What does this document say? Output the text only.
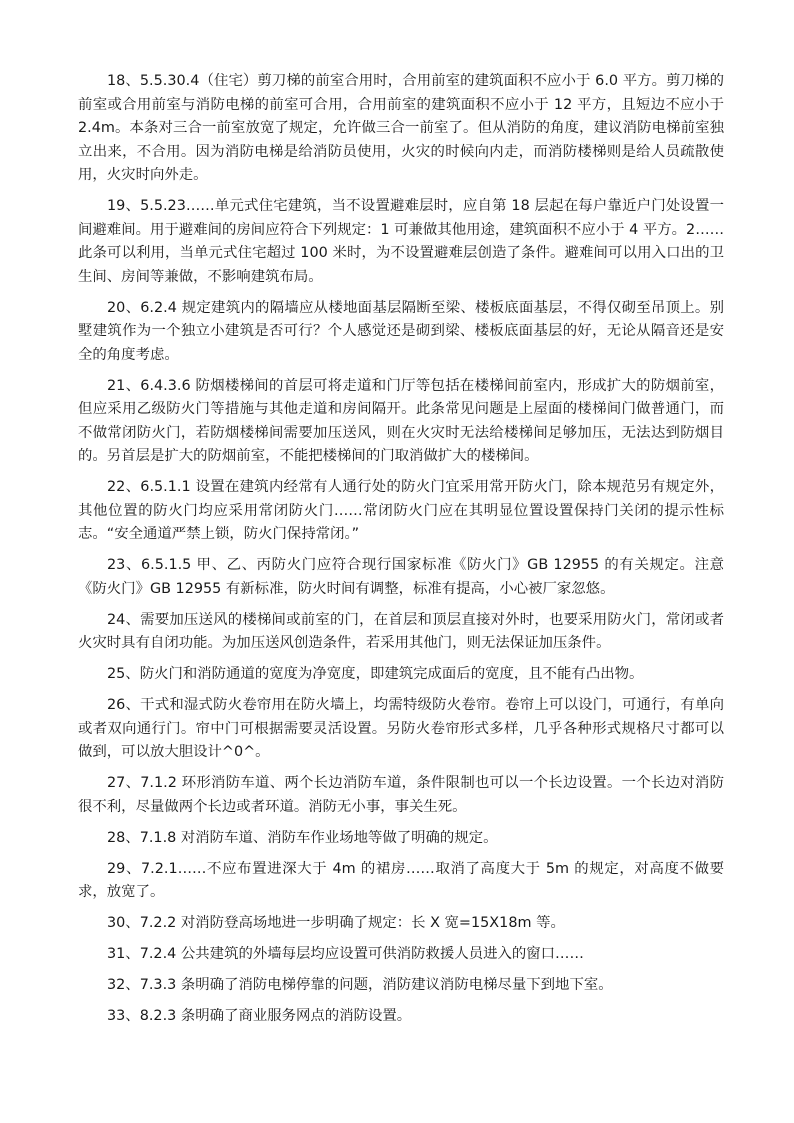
18、5.5.30.4（住宅）剪刀梯的前室合用时，合用前室的建筑面积不应小于 6.0 平方。剪刀梯的前室或合用前室与消防电梯的前室可合用，合用前室的建筑面积不应小于 12 平方，且短边不应小于 2.4m。本条对三合一前室放宽了规定，允许做三合一前室了。但从消防的角度，建议消防电梯前室独立出来，不合用。因为消防电梯是给消防员使用，火灾的时候向内走，而消防楼梯则是给人员疏散使用，火灾时向外走。

19、5.5.23……单元式住宅建筑，当不设置避难层时，应自第 18 层起在每户靠近户门处设置一间避难间。用于避难间的房间应符合下列规定：1 可兼做其他用途，建筑面积不应小于 4 平方。2……此条可以利用，当单元式住宅超过 100 米时，为不设置避难层创造了条件。避难间可以用入口出的卫生间、房间等兼做，不影响建筑布局。

20、6.2.4 规定建筑内的隔墙应从楼地面基层隔断至梁、楼板底面基层，不得仅砌至吊顶上。别墅建筑作为一个独立小建筑是否可行？个人感觉还是砌到梁、楼板底面基层的好，无论从隔音还是安全的角度考虑。

21、6.4.3.6 防烟楼梯间的首层可将走道和门厅等包括在楼梯间前室内，形成扩大的防烟前室，但应采用乙级防火门等措施与其他走道和房间隔开。此条常见问题是上屋面的楼梯间门做普通门，而不做常闭防火门，若防烟楼梯间需要加压送风，则在火灾时无法给楼梯间足够加压，无法达到防烟目的。另首层是扩大的防烟前室，不能把楼梯间的门取消做扩大的楼梯间。

22、6.5.1.1 设置在建筑内经常有人通行处的防火门宜采用常开防火门，除本规范另有规定外，其他位置的防火门均应采用常闭防火门……常闭防火门应在其明显位置设置保持门关闭的提示性标志。“安全通道严禁上锁，防火门保持常闭。”

23、6.5.1.5 甲、乙、丙防火门应符合现行国家标准《防火门》GB 12955 的有关规定。注意《防火门》GB 12955 有新标准，防火时间有调整，标准有提高，小心被厂家忽悠。

24、需要加压送风的楼梯间或前室的门，在首层和顶层直接对外时，也要采用防火门，常闭或者火灾时具有自闭功能。为加压送风创造条件，若采用其他门，则无法保证加压条件。

25、防火门和消防通道的宽度为净宽度，即建筑完成面后的宽度，且不能有凸出物。

26、干式和湿式防火卷帘用在防火墙上，均需特级防火卷帘。卷帘上可以设门，可通行，有单向或者双向通行门。帘中门可根据需要灵活设置。另防火卷帘形式多样，几乎各种形式规格尺寸都可以做到，可以放大胆设计^0^。

27、7.1.2 环形消防车道、两个长边消防车道，条件限制也可以一个长边设置。一个长边对消防很不利，尽量做两个长边或者环道。消防无小事，事关生死。

28、7.1.8 对消防车道、消防车作业场地等做了明确的规定。

29、7.2.1……不应布置进深大于 4m 的裙房……取消了高度大于 5m 的规定，对高度不做要求，放宽了。

30、7.2.2 对消防登高场地进一步明确了规定：长 X 宽=15X18m 等。

31、7.2.4 公共建筑的外墙每层均应设置可供消防救援人员进入的窗口……

32、7.3.3 条明确了消防电梯停靠的问题，消防建议消防电梯尽量下到地下室。

33、8.2.3 条明确了商业服务网点的消防设置。
